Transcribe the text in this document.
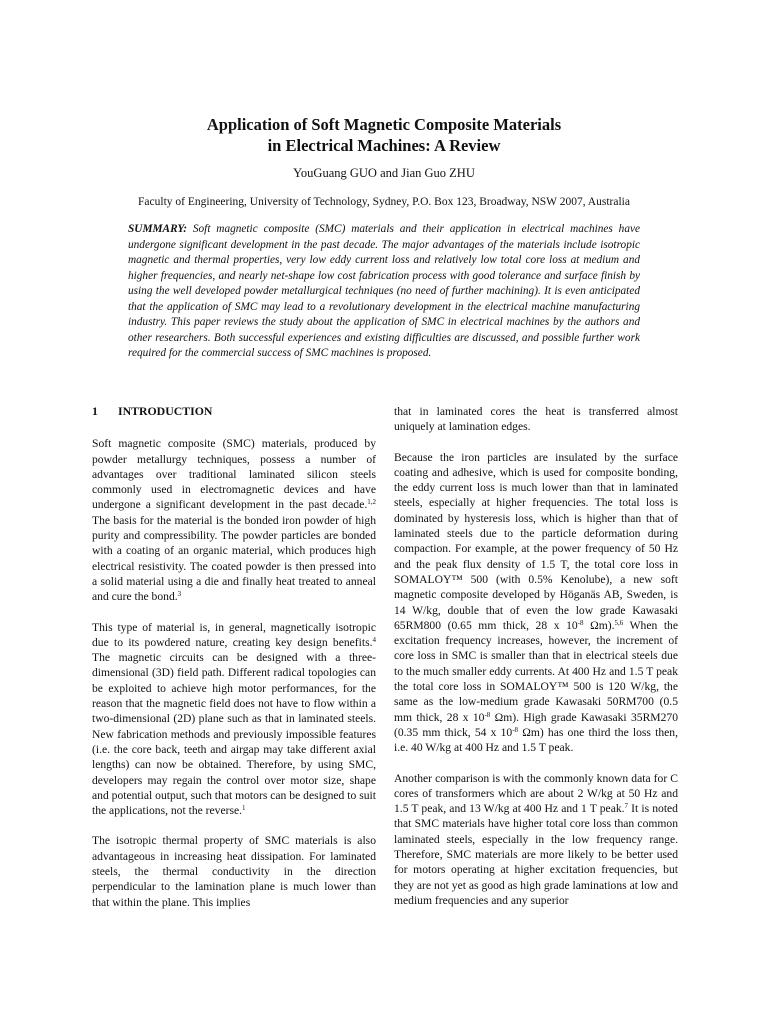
Application of Soft Magnetic Composite Materials
in Electrical Machines: A Review
YouGuang GUO and Jian Guo ZHU
Faculty of Engineering, University of Technology, Sydney, P.O. Box 123, Broadway, NSW 2007, Australia
SUMMARY: Soft magnetic composite (SMC) materials and their application in electrical machines have undergone significant development in the past decade. The major advantages of the materials include isotropic magnetic and thermal properties, very low eddy current loss and relatively low total core loss at medium and higher frequencies, and nearly net-shape low cost fabrication process with good tolerance and surface finish by using the well developed powder metallurgical techniques (no need of further machining). It is even anticipated that the application of SMC may lead to a revolutionary development in the electrical machine manufacturing industry. This paper reviews the study about the application of SMC in electrical machines by the authors and other researchers. Both successful experiences and existing difficulties are discussed, and possible further work required for the commercial success of SMC machines is proposed.
1 INTRODUCTION

Soft magnetic composite (SMC) materials, produced by powder metallurgy techniques, possess a number of advantages over traditional laminated silicon steels commonly used in electromagnetic devices and have undergone a significant development in the past decade.$^{1,2}$ The basis for the material is the bonded iron powder of high purity and compressibility. The powder particles are bonded with a coating of an organic material, which produces high electrical resistivity. The coated powder is then pressed into a solid material using a die and finally heat treated to anneal and cure the bond.$^3$

This type of material is, in general, magnetically isotropic due to its powdered nature, creating key design benefits.$^4$ The magnetic circuits can be designed with a three-dimensional (3D) field path. Different radical topologies can be exploited to achieve high motor performances, for the reason that the magnetic field does not have to flow within a two-dimensional (2D) plane such as that in laminated steels. New fabrication methods and previously impossible features (i.e. the core back, teeth and airgap may take different axial lengths) can now be obtained. Therefore, by using SMC, developers may regain the control over motor size, shape and potential output, such that motors can be designed to suit the applications, not the reverse.$^1$

The isotropic thermal property of SMC materials is also advantageous in increasing heat dissipation. For laminated steels, the thermal conductivity in the direction perpendicular to the lamination plane is much lower than that within the plane. This implies

that in laminated cores the heat is transferred almost uniquely at lamination edges.

Because the iron particles are insulated by the surface coating and adhesive, which is used for composite bonding, the eddy current loss is much lower than that in laminated steels, especially at higher frequencies. The total loss is dominated by hysteresis loss, which is higher than that of laminated steels due to the particle deformation during compaction. For example, at the power frequency of 50 Hz and the peak flux density of 1.5 T, the total core loss in SOMALOY™ 500 (with 0.5% Kenolube), a new soft magnetic composite developed by Höganäs AB, Sweden, is 14 W/kg, double that of even the low grade Kawasaki 65RM800 (0.65 mm thick, 28 x $10^{-8}$ Ωm).$^{5,6}$ When the excitation frequency increases, however, the increment of core loss in SMC is smaller than that in electrical steels due to the much smaller eddy currents. At 400 Hz and 1.5 T peak the total core loss in SOMALOY™ 500 is 120 W/kg, the same as the low-medium grade Kawasaki 50RM700 (0.5 mm thick, 28 x $10^{-8}$ Ωm). High grade Kawasaki 35RM270 (0.35 mm thick, 54 x $10^{-8}$ Ωm) has one third the loss then, i.e. 40 W/kg at 400 Hz and 1.5 T peak.

Another comparison is with the commonly known data for C cores of transformers which are about 2 W/kg at 50 Hz and 1.5 T peak, and 13 W/kg at 400 Hz and 1 T peak.$^7$ It is noted that SMC materials have higher total core loss than common laminated steels, especially in the low frequency range. Therefore, SMC materials are more likely to be better used for motors operating at higher excitation frequencies, but they are not yet as good as high grade laminations at low and medium frequencies and any superior
